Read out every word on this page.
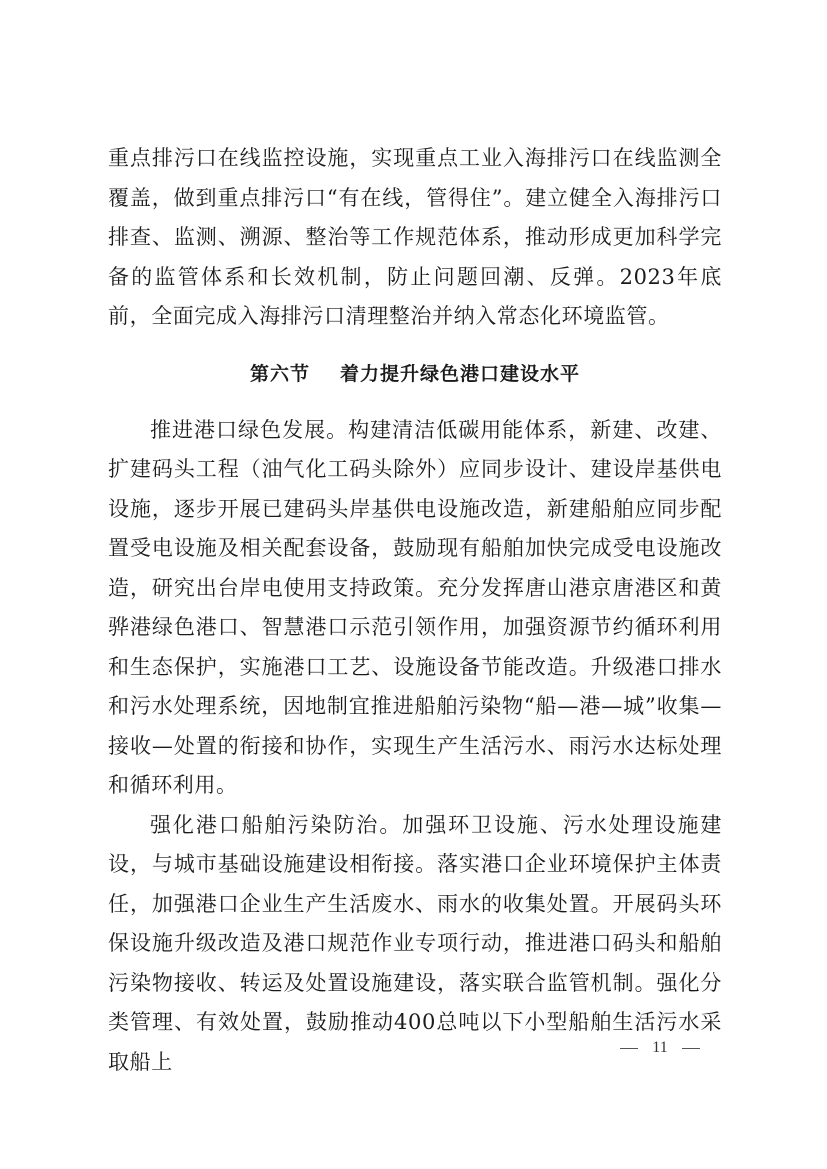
重点排污口在线监控设施，实现重点工业入海排污口在线监测全覆盖，做到重点排污口“有在线，管得住”。建立健全入海排污口排查、监测、溯源、整治等工作规范体系，推动形成更加科学完备的监管体系和长效机制，防止问题回潮、反弹。2023年底前，全面完成入海排污口清理整治并纳入常态化环境监管。

第六节 着力提升绿色港口建设水平

推进港口绿色发展。构建清洁低碳用能体系，新建、改建、扩建码头工程（油气化工码头除外）应同步设计、建设岸基供电设施，逐步开展已建码头岸基供电设施改造，新建船舶应同步配置受电设施及相关配套设备，鼓励现有船舶加快完成受电设施改造，研究出台岸电使用支持政策。充分发挥唐山港京唐港区和黄骅港绿色港口、智慧港口示范引领作用，加强资源节约循环利用和生态保护，实施港口工艺、设施设备节能改造。升级港口排水和污水处理系统，因地制宜推进船舶污染物“船—港—城”收集—接收—处置的衔接和协作，实现生产生活污水、雨污水达标处理和循环利用。

强化港口船舶污染防治。加强环卫设施、污水处理设施建设，与城市基础设施建设相衔接。落实港口企业环境保护主体责任，加强港口企业生产生活废水、雨水的收集处置。开展码头环保设施升级改造及港口规范作业专项行动，推进港口码头和船舶污染物接收、转运及处置设施建设，落实联合监管机制。强化分类管理、有效处置，鼓励推动400总吨以下小型船舶生活污水采取船上

11
